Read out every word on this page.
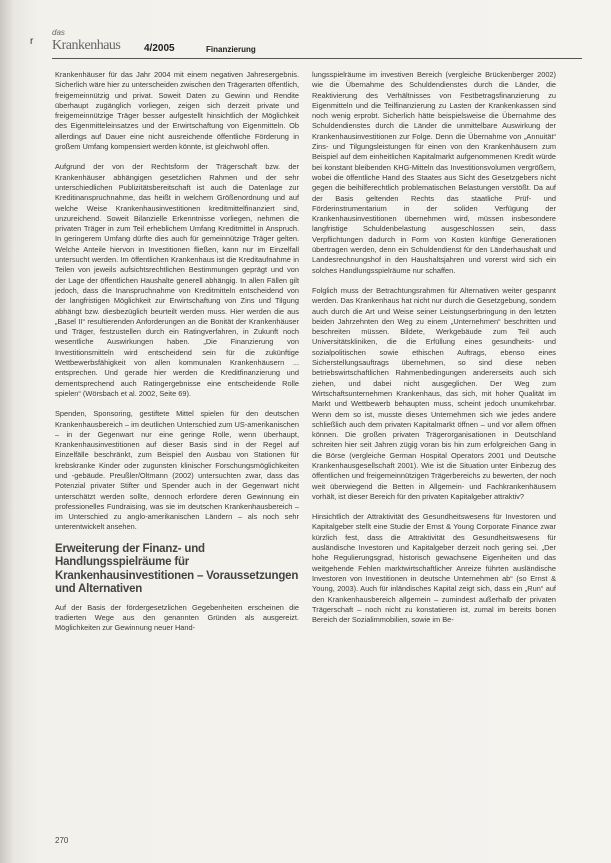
r
das
Krankenhaus 4/2005	Finanzierung

Krankenhäuser für das Jahr 2004 mit einem negativen Jahresergebnis. Sicherlich wäre hier zu unterscheiden zwischen den Trägerarten öffentlich, freigemeinnützig und privat. Soweit Daten zu Gewinn und Rendite überhaupt zugänglich vorliegen, zeigen sich derzeit private und freigemeinnützige Träger besser aufgestellt hinsichtlich der Möglichkeit des Eigenmitteleinsatzes und der Erwirtschaftung von Eigenmitteln. Ob allerdings auf Dauer eine nicht ausreichende öffentliche Förderung in großem Umfang kompensiert werden könnte, ist gleichwohl offen.

Aufgrund der von der Rechtsform der Trägerschaft bzw. der Krankenhäuser abhängigen gesetzlichen Rahmen und der sehr unterschiedlichen Publizitätsbereitschaft ist auch die Datenlage zur Kreditinanspruchnahme, das heißt in welchem Größenordnung und auf welche Weise Krankenhausinvestitionen kreditmittelfinanziert sind, unzureichend. Soweit Bilanzielle Erkenntnisse vorliegen, nehmen die privaten Träger in zum Teil erheblichem Umfang Kreditmittel in Anspruch. In geringerem Umfang dürfte dies auch für gemeinnützige Träger gelten. Welche Anteile hiervon in Investitionen fließen, kann nur im Einzelfall untersucht werden. Im öffentlichen Krankenhaus ist die Kreditaufnahme in Teilen von jeweils aufsichtsrechtlichen Bestimmungen geprägt und von der Lage der öffentlichen Haushalte generell abhängig. In allen Fällen gilt jedoch, dass die Inanspruchnahme von Kreditmitteln entscheidend von der langfristigen Möglichkeit zur Erwirtschaftung von Zins und Tilgung abhängt bzw. diesbezüglich beurteilt werden muss. Hier werden die aus „Basel II“ resultierenden Anforderungen an die Bonität der Krankenhäuser und Träger, festzustellen durch ein Ratingverfahren, in Zukunft noch wesentliche Auswirkungen haben. „Die Finanzierung von Investitionsmitteln wird entscheidend sein für die zukünftige Wettbewerbsfähigkeit von allen kommunalen Krankenhäusern ... entsprechen. Und gerade hier werden die Kreditfinanzierung und dementsprechend auch Ratingergebnisse eine entscheidende Rolle spielen“ (Wörsbach et al. 2002, Seite 69).

Spenden, Sponsoring, gestiftete Mittel spielen für den deutschen Krankenhausbereich – im deutlichen Unterschied zum US-amerikanischen – in der Gegenwart nur eine geringe Rolle, wenn überhaupt, Krankenhausinvestitionen auf dieser Basis sind in der Regel auf Einzelfälle beschränkt, zum Beispiel den Ausbau von Stationen für krebskranke Kinder oder zugunsten klinischer Forschungsmöglichkeiten und -gebäude. Preußler/Oltmann (2002) untersuchten zwar, dass das Potenzial privater Stifter und Spender auch in der Gegenwart nicht unterschätzt werden sollte, dennoch erfordere deren Gewinnung ein professionelles Fundraising, was sie im deutschen Krankenhausbereich – im Unterschied zu anglo-amerikanischen Ländern – als noch sehr unterentwickelt ansehen.

Erweiterung der Finanz- und Handlungsspielräume für Krankenhausinvestitionen – Voraussetzungen und Alternativen

Auf der Basis der fördergesetzlichen Gegebenheiten erscheinen die tradierten Wege aus den genannten Gründen als ausgereizt. Möglichkeiten zur Gewinnung neuer Hand-

lungsspielräume im investiven Bereich (vergleiche Brückenberger 2002) wie die Übernahme des Schuldendienstes durch die Länder, die Reaktivierung des Verhältnisses von Festbetragsfinanzierung zu Eigenmitteln und die Teilfinanzierung zu Lasten der Krankenkassen sind noch wenig erprobt. Sicherlich hätte beispielsweise die Übernahme des Schuldendienstes durch die Länder die unmittelbare Auswirkung der Krankenhausinvestitionen zur Folge. Denn die Übernahme von „Annuität“ Zins- und Tilgungsleistungen für einen von den Krankenhäusern zum Beispiel auf dem einheitlichen Kapitalmarkt aufgenommenen Kredit würde bei konstant bleibenden KHG-Mitteln das Investitionsvolumen vergrößern, wobei die öffentliche Hand des Staates aus Sicht des Gesetzgebers nicht gegen die beihilferechtlich problematischen Belastungen verstößt. Da auf der Basis geltenden Rechts das staatliche Prüf- und Förderinstrumentarium in der soliden Verfügung der Krankenhausinvestitionen übernehmen wird, müssen insbesondere langfristige Schuldenbelastung ausgeschlossen sein, dass Verpflichtungen dadurch in Form von Kosten künftige Generationen übertragen werden, denn ein Schuldendienst für den Länderhaushalt und Landesrechnungshof in den Haushaltsjahren und vorerst wird sich ein solches Handlungsspielräume nur schaffen.

Folglich muss der Betrachtungsrahmen für Alternativen weiter gespannt werden. Das Krankenhaus hat nicht nur durch die Gesetzgebung, sondern auch durch die Art und Weise seiner Leistungserbringung in den letzten beiden Jahrzehnten den Weg zu einem „Unternehmen“ beschritten und beschreiten müssen. Bildete, Werkgebäude zum Teil auch Universitätskliniken, die die Erfüllung eines gesundheits- und sozialpolitischen sowie ethischen Auftrags, ebenso eines Sicherstellungsauftrags übernehmen, so sind diese neben betriebswirtschaftlichen Rahmenbedingungen andererseits auch sich ziehen, und dabei nicht ausgeglichen. Der Weg zum Wirtschaftsunternehmen Krankenhaus, das sich, mit hoher Qualität im Markt und Wettbewerb behaupten muss, scheint jedoch unumkehrbar. Wenn dem so ist, musste dieses Unternehmen sich wie jedes andere schließlich auch dem privaten Kapitalmarkt öffnen – und vor allem öffnen können. Die großen privaten Trägerorganisationen in Deutschland schreiten hier seit Jahren zügig voran bis hin zum erfolgreichen Gang in die Börse (vergleiche German Hospital Operators 2001 und Deutsche Krankenhausgesellschaft 2001). Wie ist die Situation unter Einbezug des öffentlichen und freigemeinnützigen Trägerbereichs zu bewerten, der noch weit überwiegend die Betten in Allgemein- und Fachkrankenhäusern vorhält, ist dieser Bereich für den privaten Kapitalgeber attraktiv?

Hinsichtlich der Attraktivität des Gesundheitswesens für Investoren und Kapitalgeber stellt eine Studie der Ernst & Young Corporate Finance zwar kürzlich fest, dass die Attraktivität des Gesundheitswesens für ausländische Investoren und Kapitalgeber derzeit noch gering sei. „Der hohe Regulierungsgrad, historisch gewachsene Eigenheiten und das weitgehende Fehlen marktwirtschaftlicher Anreize führten ausländische Investoren von Investitionen in deutsche Unternehmen ab“ (so Ernst & Young, 2003). Auch für inländisches Kapital zeigt sich, dass ein „Run“ auf den Krankenhausbereich allgemein – zumindest außerhalb der privaten Trägerschaft – noch nicht zu konstatieren ist, zumal im bereits bonen Bereich der Sozialimmobilien, sowie im Be-

270
